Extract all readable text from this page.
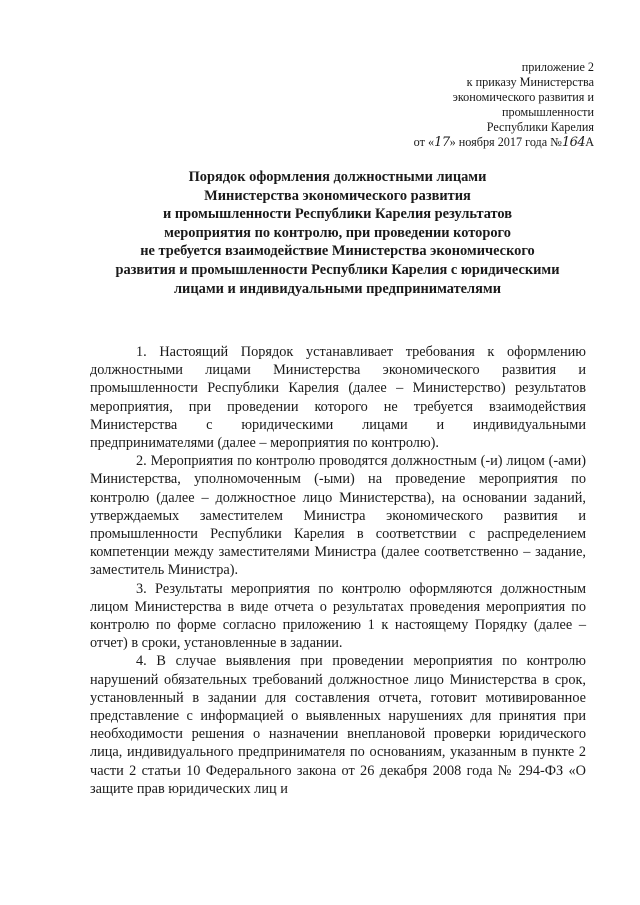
приложение 2
к приказу Министерства
экономического развития и
промышленности
Республики Карелия
от «17» ноября 2017 года №164А
Порядок оформления должностными лицами
Министерства экономического развития
и промышленности Республики Карелия результатов
мероприятия по контролю, при проведении которого
не требуется взаимодействие Министерства экономического
развития и промышленности Республики Карелия с юридическими
лицами и индивидуальными предпринимателями

1. Настоящий Порядок устанавливает требования к оформлению должностными лицами Министерства экономического развития и промышленности Республики Карелия (далее – Министерство) результатов мероприятия, при проведении которого не требуется взаимодействия Министерства с юридическими лицами и индивидуальными предпринимателями (далее – мероприятия по контролю).

2. Мероприятия по контролю проводятся должностным (-и) лицом (-ами) Министерства, уполномоченным (-ыми) на проведение мероприятия по контролю (далее – должностное лицо Министерства), на основании заданий, утверждаемых заместителем Министра экономического развития и промышленности Республики Карелия в соответствии с распределением компетенции между заместителями Министра (далее соответственно – задание, заместитель Министра).

3. Результаты мероприятия по контролю оформляются должностным лицом Министерства в виде отчета о результатах проведения мероприятия по контролю по форме согласно приложению 1 к настоящему Порядку (далее – отчет) в сроки, установленные в задании.

4. В случае выявления при проведении мероприятия по контролю нарушений обязательных требований должностное лицо Министерства в срок, установленный в задании для составления отчета, готовит мотивированное представление с информацией о выявленных нарушениях для принятия при необходимости решения о назначении внеплановой проверки юридического лица, индивидуального предпринимателя по основаниям, указанным в пункте 2 части 2 статьи 10 Федерального закона от 26 декабря 2008 года № 294-ФЗ «О защите прав юридических лиц и
